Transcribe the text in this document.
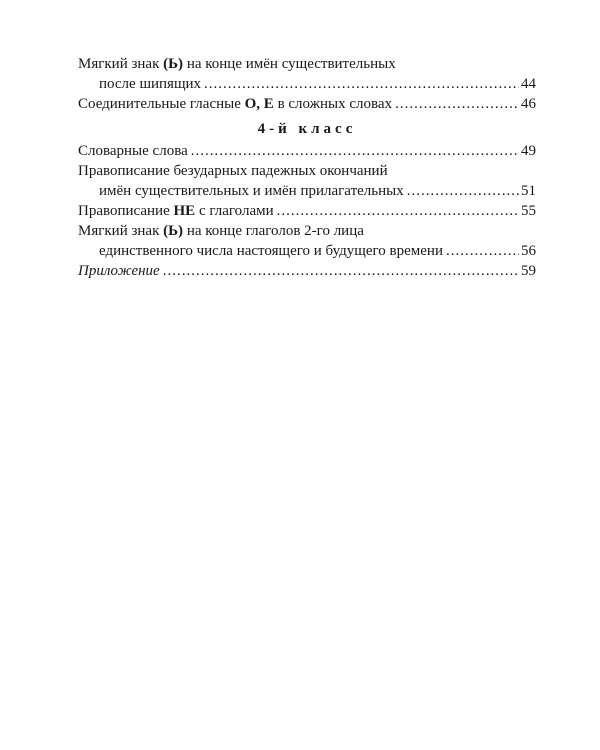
Мягкий знак (Ь) на конце имён существительных
после шипящих .....	44
Соединительные гласные О, Е в сложных словах .....	46
4-й класс
Словарные слова .....	49
Правописание безударных падежных окончаний
имён существительных и имён прилагательных .....	51
Правописание НЕ с глаголами .....	55
Мягкий знак (Ь) на конце глаголов 2-го лица
единственного числа настоящего и будущего времени .....	56
Приложение .....	59
